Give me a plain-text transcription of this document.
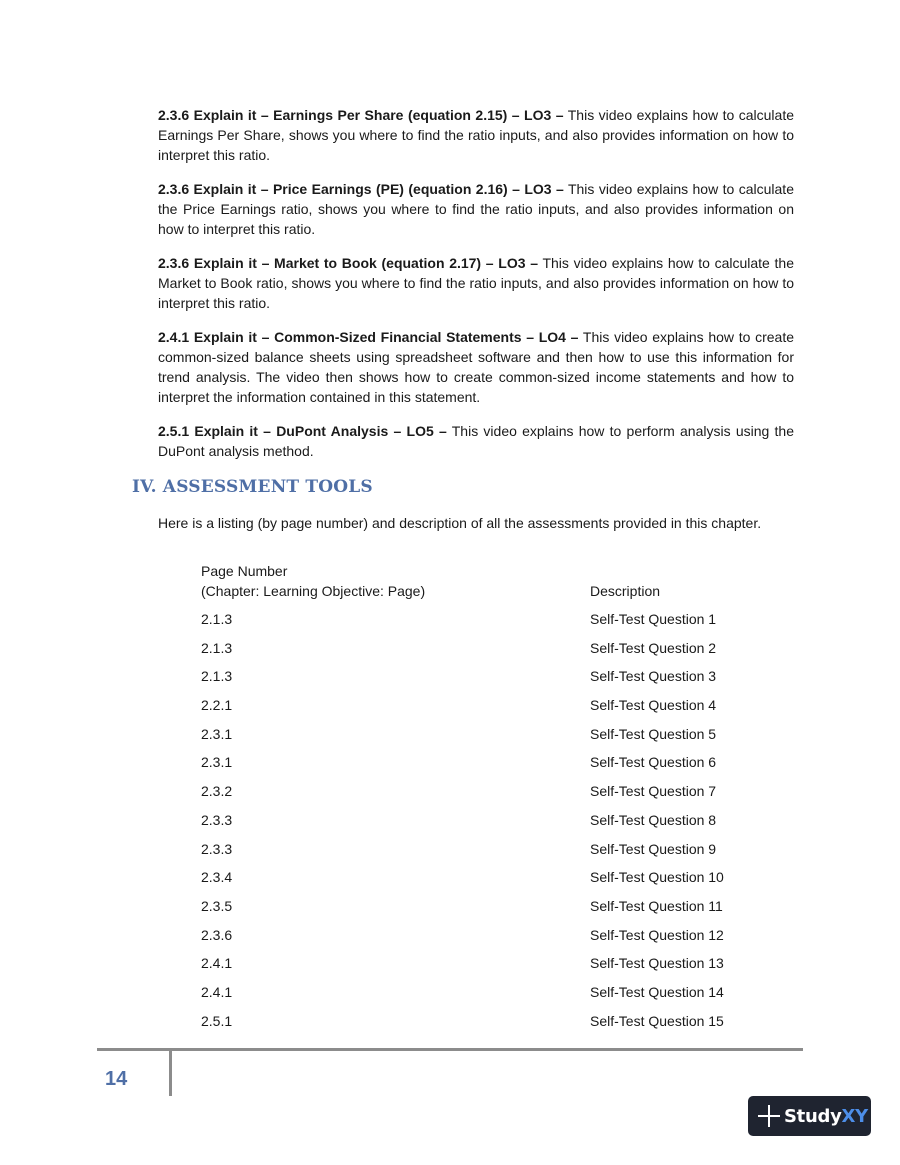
2.3.6 Explain it – Earnings Per Share (equation 2.15) – LO3 – This video explains how to calculate Earnings Per Share, shows you where to find the ratio inputs, and also provides information on how to interpret this ratio.

2.3.6 Explain it – Price Earnings (PE) (equation 2.16) – LO3 – This video explains how to calculate the Price Earnings ratio, shows you where to find the ratio inputs, and also provides information on how to interpret this ratio.

2.3.6 Explain it – Market to Book (equation 2.17) – LO3 – This video explains how to calculate the Market to Book ratio, shows you where to find the ratio inputs, and also provides information on how to interpret this ratio.

2.4.1 Explain it – Common-Sized Financial Statements – LO4 – This video explains how to create common-sized balance sheets using spreadsheet software and then how to use this information for trend analysis. The video then shows how to create common-sized income statements and how to interpret the information contained in this statement.

2.5.1 Explain it – DuPont Analysis – LO5 – This video explains how to perform analysis using the DuPont analysis method.

IV. ASSESSMENT TOOLS

Here is a listing (by page number) and description of all the assessments provided in this chapter.

Page Number
(Chapter: Learning Objective: Page)	Description
2.1.3	Self-Test Question 1
2.1.3	Self-Test Question 2
2.1.3	Self-Test Question 3
2.2.1	Self-Test Question 4
2.3.1	Self-Test Question 5
2.3.1	Self-Test Question 6
2.3.2	Self-Test Question 7
2.3.3	Self-Test Question 8
2.3.3	Self-Test Question 9
2.3.4	Self-Test Question 10
2.3.5	Self-Test Question 11
2.3.6	Self-Test Question 12
2.4.1	Self-Test Question 13
2.4.1	Self-Test Question 14
2.5.1	Self-Test Question 15
14
StudyXY
